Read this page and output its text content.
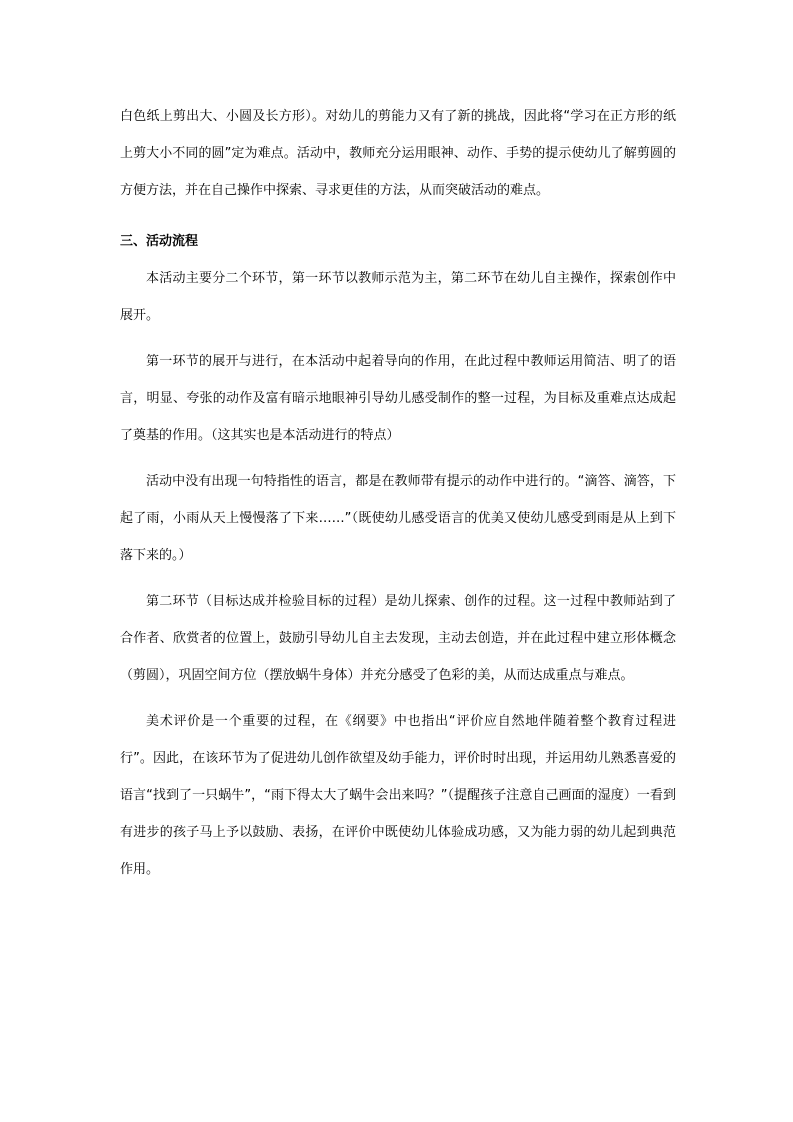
白色纸上剪出大、小圆及长方形）。对幼儿的剪能力又有了新的挑战，因此将“学习在正方形的纸上剪大小不同的圆”定为难点。活动中，教师充分运用眼神、动作、手势的提示使幼儿了解剪圆的方便方法，并在自己操作中探索、寻求更佳的方法，从而突破活动的难点。

三、活动流程

本活动主要分二个环节，第一环节以教师示范为主，第二环节在幼儿自主操作，探索创作中展开。

第一环节的展开与进行，在本活动中起着导向的作用，在此过程中教师运用简洁、明了的语言，明显、夸张的动作及富有暗示地眼神引导幼儿感受制作的整一过程，为目标及重难点达成起了奠基的作用。（这其实也是本活动进行的特点）

活动中没有出现一句特指性的语言，都是在教师带有提示的动作中进行的。“滴答、滴答，下起了雨，小雨从天上慢慢落了下来……”（既使幼儿感受语言的优美又使幼儿感受到雨是从上到下落下来的。）

第二环节（目标达成并检验目标的过程）是幼儿探索、创作的过程。这一过程中教师站到了合作者、欣赏者的位置上，鼓励引导幼儿自主去发现，主动去创造，并在此过程中建立形体概念（剪圆），巩固空间方位（摆放蜗牛身体）并充分感受了色彩的美，从而达成重点与难点。

美术评价是一个重要的过程，在《纲要》中也指出“评价应自然地伴随着整个教育过程进行”。因此，在该环节为了促进幼儿创作欲望及幼手能力，评价时时出现，并运用幼儿熟悉喜爱的语言“找到了一只蜗牛”，“雨下得太大了蜗牛会出来吗？”（提醒孩子注意自己画面的湿度）一看到有进步的孩子马上予以鼓励、表扬，在评价中既使幼儿体验成功感，又为能力弱的幼儿起到典范作用。
